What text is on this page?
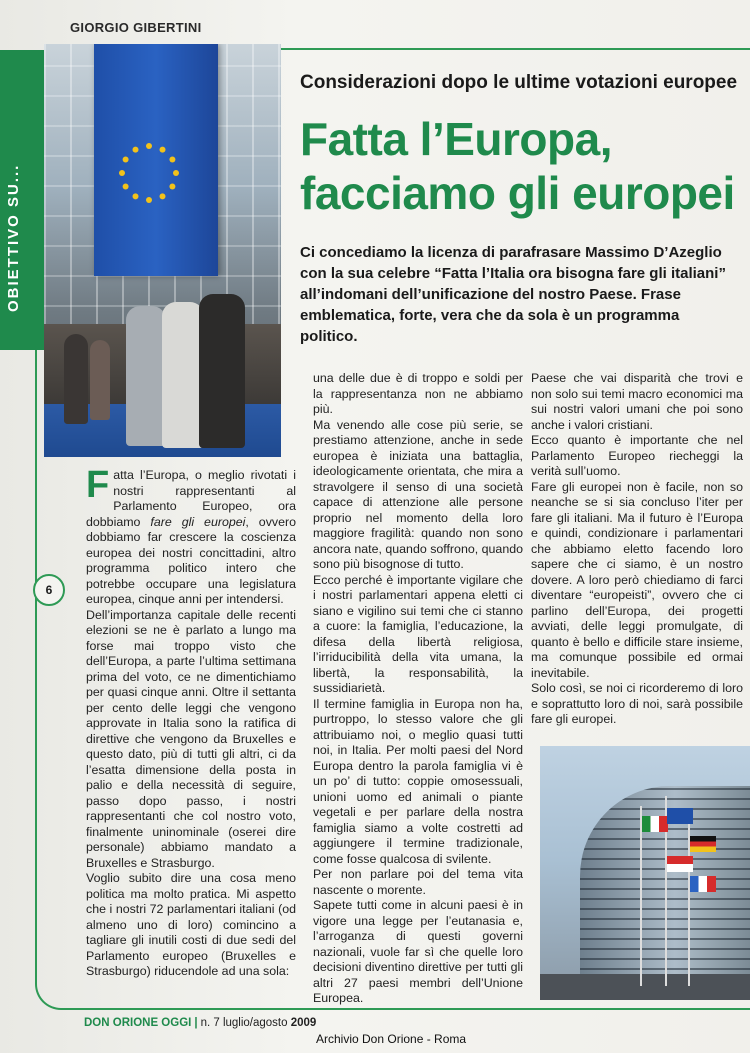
GIORGIO GIBERTINI
OBIETTIVO SU...
6
Considerazioni dopo le ultime votazioni europee
Fatta l’Europa,
facciamo gli europei
Ci concediamo la licenza di parafrasare Massimo D’Azeglio con la sua celebre “Fatta l’Italia ora bisogna fare gli italiani” all’indomani dell’unificazione del nostro Paese. Frase emblematica, forte, vera che da sola è un programma politico.

Fatta l’Europa, o meglio rivotati i nostri rappresentanti al Parlamento Europeo, ora dobbiamo fare gli europei, ovvero dobbiamo far crescere la coscienza europea dei nostri concittadini, altro programma politico intero che potrebbe occupare una legislatura europea, cinque anni per intendersi.

Dell’importanza capitale delle recenti elezioni se ne è parlato a lungo ma forse mai troppo visto che dell’Europa, a parte l’ultima settimana prima del voto, ce ne dimentichiamo per quasi cinque anni. Oltre il settanta per cento delle leggi che vengono approvate in Italia sono la ratifica di direttive che vengono da Bruxelles e questo dato, più di tutti gli altri, ci da l’esatta dimensione della posta in palio e della necessità di seguire, passo dopo passo, i nostri rappresentanti che col nostro voto, finalmente uninominale (oserei dire personale) abbiamo mandato a Bruxelles e Strasburgo.

Voglio subito dire una cosa meno politica ma molto pratica. Mi aspetto che i nostri 72 parlamentari italiani (od almeno uno di loro) comincino a tagliare gli inutili costi di due sedi del Parlamento europeo (Bruxelles e Strasburgo) riducendole ad una sola:

una delle due è di troppo e soldi per la rappresentanza non ne abbiamo più.

Ma venendo alle cose più serie, se prestiamo attenzione, anche in sede europea è iniziata una battaglia, ideologicamente orientata, che mira a stravolgere il senso di una società capace di attenzione alle persone proprio nel momento della loro maggiore fragilità: quando non sono ancora nate, quando soffrono, quando sono più bisognose di tutto.

Ecco perché è importante vigilare che i nostri parlamentari appena eletti ci siano e vigilino sui temi che ci stanno a cuore: la famiglia, l’educazione, la difesa della libertà religiosa, l’irriducibilità della vita umana, la libertà, la responsabilità, la sussidiarietà.

Il termine famiglia in Europa non ha, purtroppo, lo stesso valore che gli attribuiamo noi, o meglio quasi tutti noi, in Italia. Per molti paesi del Nord Europa dentro la parola famiglia vi è un po’ di tutto: coppie omosessuali, unioni uomo ed animali o piante vegetali e per parlare della nostra famiglia siamo a volte costretti ad aggiungere il termine tradizionale, come fosse qualcosa di svilente.

Per non parlare poi del tema vita nascente o morente.

Sapete tutti come in alcuni paesi è in vigore una legge per l’eutanasia e, l’arroganza di questi governi nazionali, vuole far sì che quelle loro decisioni diventino direttive per tutti gli altri 27 paesi membri dell’Unione Europea.

Paese che vai disparità che trovi e non solo sui temi macro economici ma sui nostri valori umani che poi sono anche i valori cristiani.

Ecco quanto è importante che nel Parlamento Europeo riecheggi la verità sull’uomo.

Fare gli europei non è facile, non so neanche se si sia concluso l’iter per fare gli italiani. Ma il futuro è l’Europa e quindi, condizionare i parlamentari che abbiamo eletto facendo loro sapere che ci siamo, è un nostro dovere. A loro però chiediamo di farci diventare “europeisti”, ovvero che ci parlino dell’Europa, dei progetti avviati, delle leggi promulgate, di quanto è bello e difficile stare insieme, ma comunque possibile ed ormai inevitabile.

Solo così, se noi ci ricorderemo di loro e soprattutto loro di noi, sarà possibile fare gli europei.

DON ORIONE OGGI | n. 7 luglio/agosto 2009
Archivio Don Orione - Roma
